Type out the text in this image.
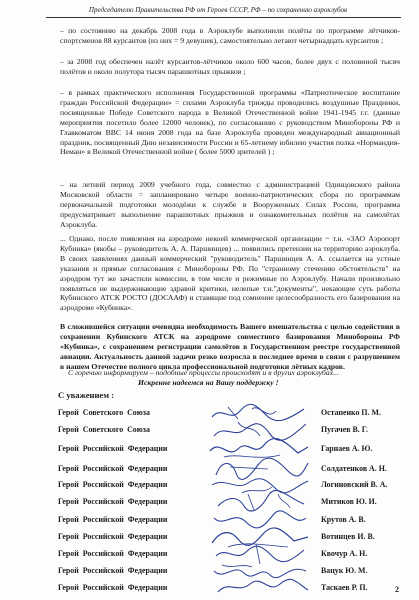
Председателю Правительства РФ от Героев СССР, РФ – по сохранению аэроклубов

– по состоянию на декабрь 2008 года в Аэроклубе выполнили полёты по программе лётчиков-спортсменов 88 курсантов (из них = 9 девушек), самостоятельно летают четырнадцать курсантов ;

– за 2008 год обеспечен налёт курсантов-лётчиков около 600 часов, более двух с половиной тысяч полётов и около полутора тысяч парашютных прыжков ;

– в рамках практического исполнения Государственной программы «Патриотическое воспитание граждан Российской Федерации» = силами Аэроклуба трижды проводились воздушные Праздники, посвященные Победе Советского народа в Великой Отечественной войне 1941-1945 г.г. (данные мероприятия посетило более 12000 человек), по согласованию с руководством Минобороны РФ и Главкоматом ВВС 14 июня 2008 года на базе Аэроклуба проведен международный авиационный праздник, посвященный Дню независимости России и 65-летнему юбилею участия полка «Нормандия-Неман» в Великой Отечественной войне ( более 5000 зрителей ) ;

– на летний период 2009 учебного года, совместно с администрацией Одинцовского района Московской области = запланировано четыре военно-патриотических сбора по программам первоначальной подготовки молодёжи к службе в Вооруженных Силах России, программа предусматривает выполнение парашютных прыжков и ознакомительных полётов на самолётах Аэроклуба.

... Однако, после появления на аэродроме некоей коммерческой организации ~ т.н. «ЗАО Аэропорт Кубинка» (якобы – руководитель А. А. Паршинцев) ... появились претензии на территорию аэроклуба. В своих заявлениях данный коммерческий "руководитель" Паршинцев А. А. ссылается на устные указания и прямые согласования с Минобороны РФ. По "странному стечению обстоятельств" на аэродром тут же зачастили комиссии, в том числе и режимные по Аэроклубу. Начали произвольно появляться не выдерживающие здравой критики, нелепые т.н."документы", некающие суть работы Кубинского АТСК РОСТО (ДОСААФ) и ставящие под сомнение целесообразность его базирования на аэродроме «Кубинка».

В сложившейся ситуации очевидна необходимость Вашего вмешательства с целью содействия в сохранении Кубинского АТСК на аэродроме совместного базирования Минобороны РФ «Кубинка», с сохранением регистрации самолётов в Государственном реестре государственной авиации. Актуальность данной задачи резко возросла в последнее время в связи с разрушением в нашем Отечестве полного цикла профессиональной подготовки лётных кадров.

С горечью информируем – подобные процессы происходят и в других аэроклубах...
Искренне надеемся на Вашу поддержку !
С уважением :
Герой  Советского  Союза	Остапенко П. М.
Герой  Советского  Союза	Пугачев В. Г.
Герой  Российской  Федерации	Гарнаев А. Ю.
Герой  Российской  Федерации	Солдатенков А. Н.
Герой  Российской  Федерации	Логиновский В. А.
Герой  Российской  Федерации	Митиков Ю. И.
Герой  Российской  Федерации	Крутов А. В.
Герой  Российской  Федерации	Вотинцев И. В.
Герой  Российской  Федерации	Квочур А. Н.
Герой  Российской  Федерации	Вацук Ю. М.
Герой  Российской  Федерации	Таскаев Р. П.	2
